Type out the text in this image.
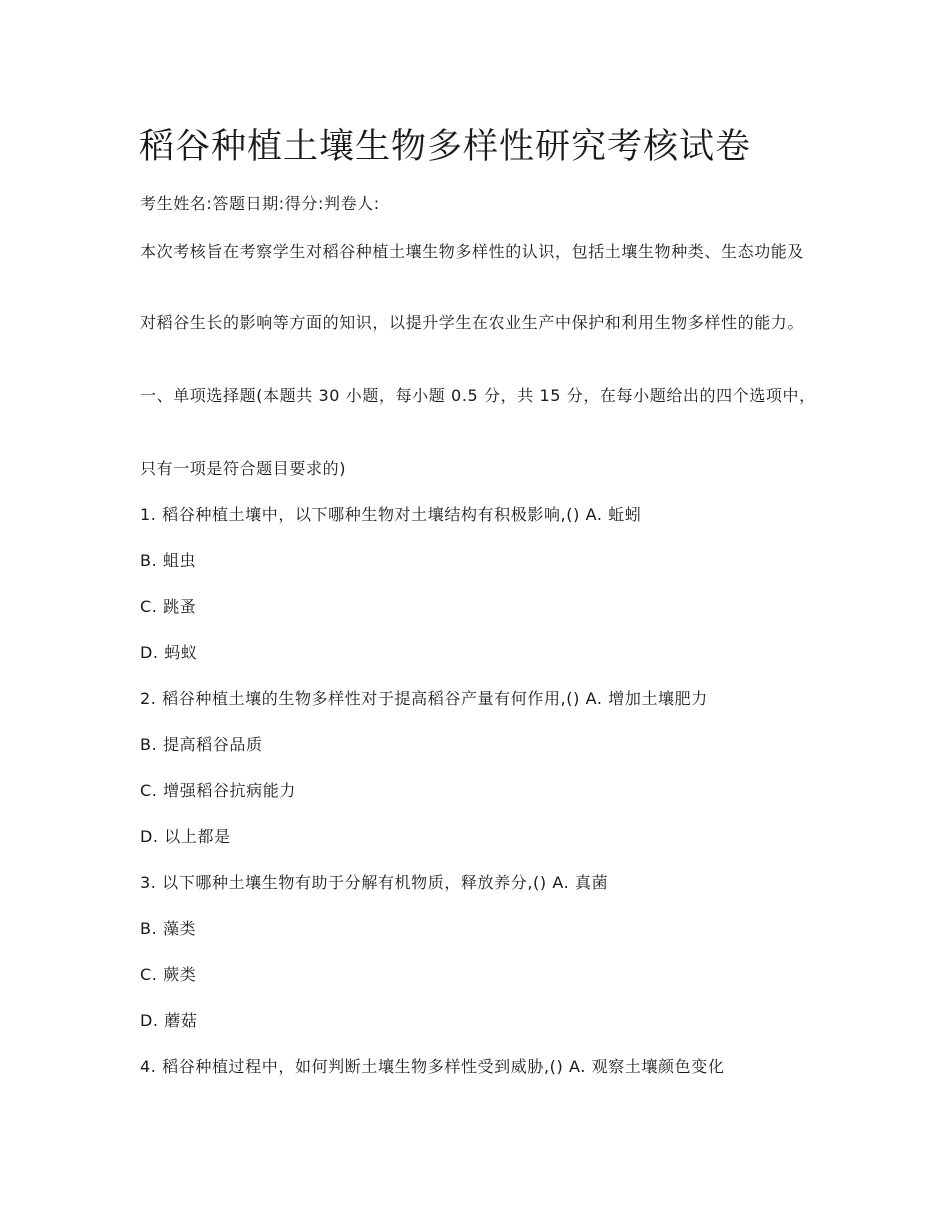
稻谷种植土壤生物多样性研究考核试卷

考生姓名:答题日期:得分:判卷人:

本次考核旨在考察学生对稻谷种植土壤生物多样性的认识，包括土壤生物种类、生态功能及

对稻谷生长的影响等方面的知识，以提升学生在农业生产中保护和利用生物多样性的能力。

一、单项选择题(本题共 30 小题，每小题 0.5 分，共 15 分，在每小题给出的四个选项中，

只有一项是符合题目要求的)

1. 稻谷种植土壤中，以下哪种生物对土壤结构有积极影响,() A. 蚯蚓

B. 蛆虫

C. 跳蚤

D. 蚂蚁

2. 稻谷种植土壤的生物多样性对于提高稻谷产量有何作用,() A. 增加土壤肥力

B. 提高稻谷品质

C. 增强稻谷抗病能力

D. 以上都是

3. 以下哪种土壤生物有助于分解有机物质，释放养分,() A. 真菌

B. 藻类

C. 蕨类

D. 蘑菇

4. 稻谷种植过程中，如何判断土壤生物多样性受到威胁,() A. 观察土壤颜色变化
